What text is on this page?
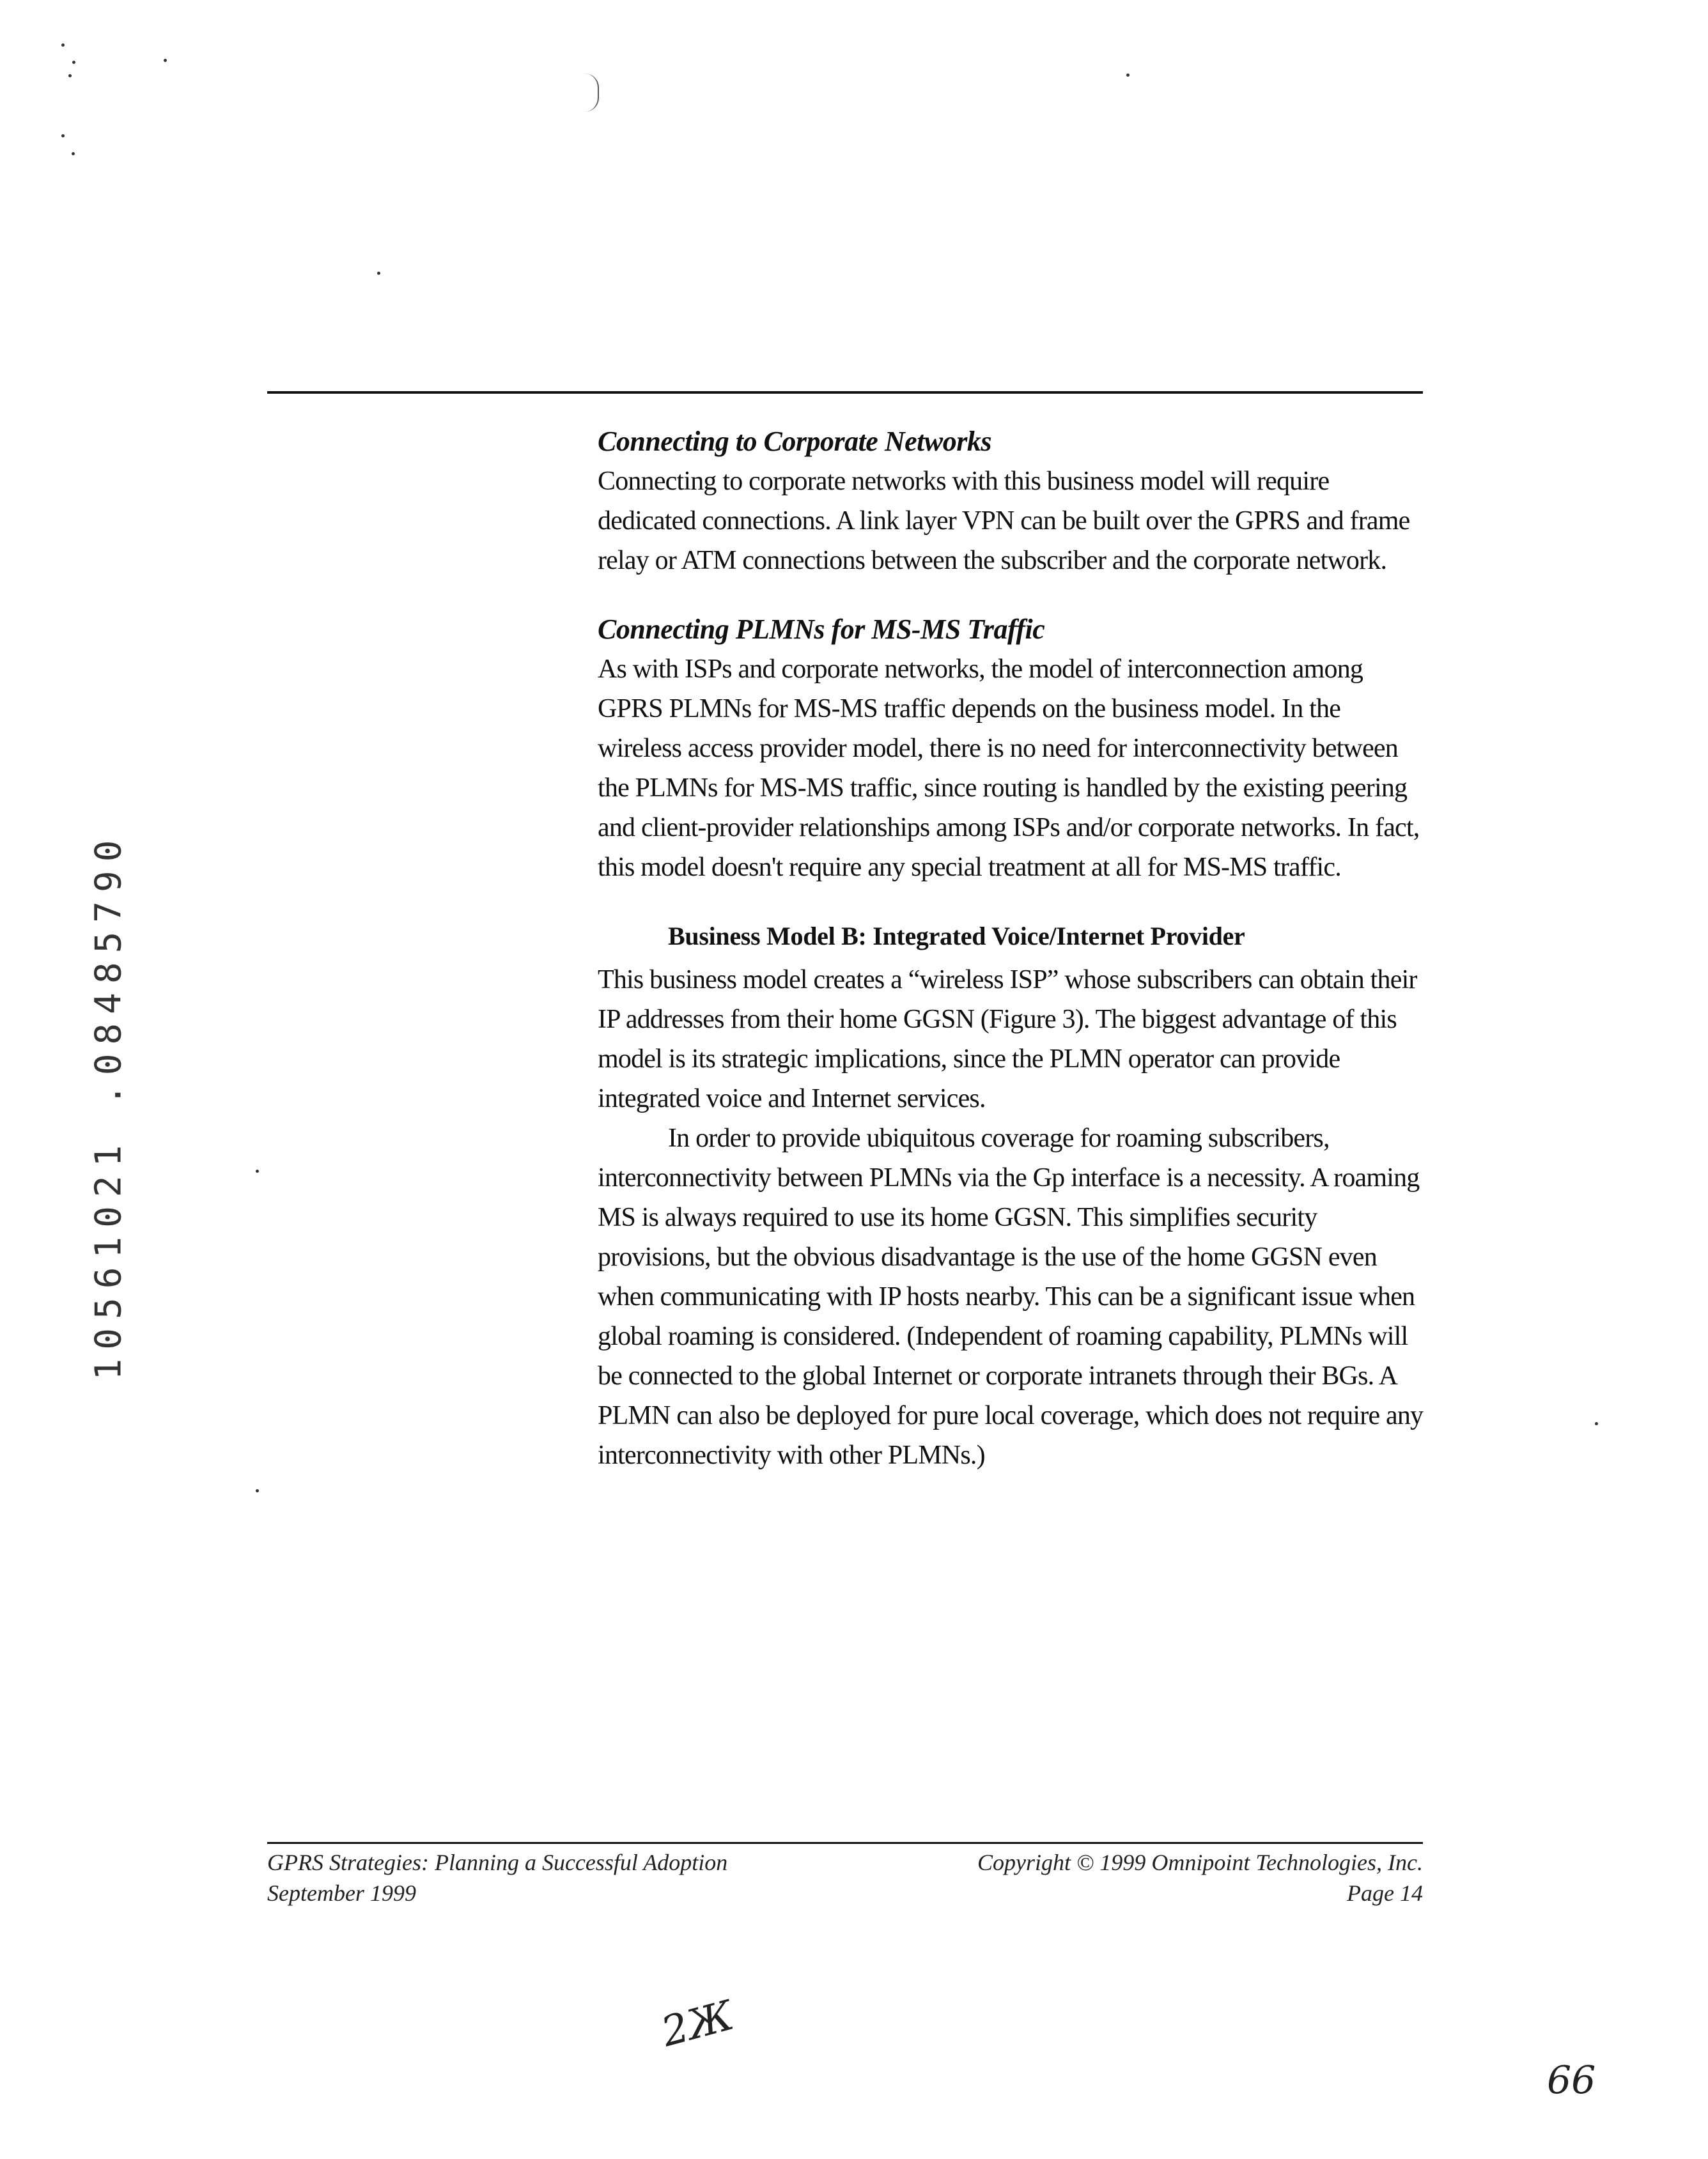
10561021 .08485790

Connecting to Corporate Networks

Connecting to corporate networks with this business model will require dedicated connections. A link layer VPN can be built over the GPRS and frame relay or ATM connections between the subscriber and the corporate network.

Connecting PLMNs for MS-MS Traffic

As with ISPs and corporate networks, the model of interconnection among GPRS PLMNs for MS-MS traffic depends on the business model. In the wireless access provider model, there is no need for interconnectivity between the PLMNs for MS-MS traffic, since routing is handled by the existing peering and client-provider relationships among ISPs and/or corporate networks. In fact, this model doesn't require any special treatment at all for MS-MS traffic.

Business Model B: Integrated Voice/Internet Provider

This business model creates a “wireless ISP” whose subscribers can obtain their IP addresses from their home GGSN (Figure 3). The biggest advantage of this model is its strategic implications, since the PLMN operator can provide integrated voice and Internet services.

In order to provide ubiquitous coverage for roaming subscribers, interconnectivity between PLMNs via the Gp interface is a necessity. A roaming MS is always required to use its home GGSN. This simplifies security provisions, but the obvious disadvantage is the use of the home GGSN even when communicating with IP hosts nearby. This can be a significant issue when global roaming is considered. (Independent of roaming capability, PLMNs will be connected to the global Internet or corporate intranets through their BGs. A PLMN can also be deployed for pure local coverage, which does not require any interconnectivity with other PLMNs.)

GPRS Strategies: Planning a Successful Adoption
September 1999
Copyright © 1999 Omnipoint Technologies, Inc.
Page 14
2Ж
66
